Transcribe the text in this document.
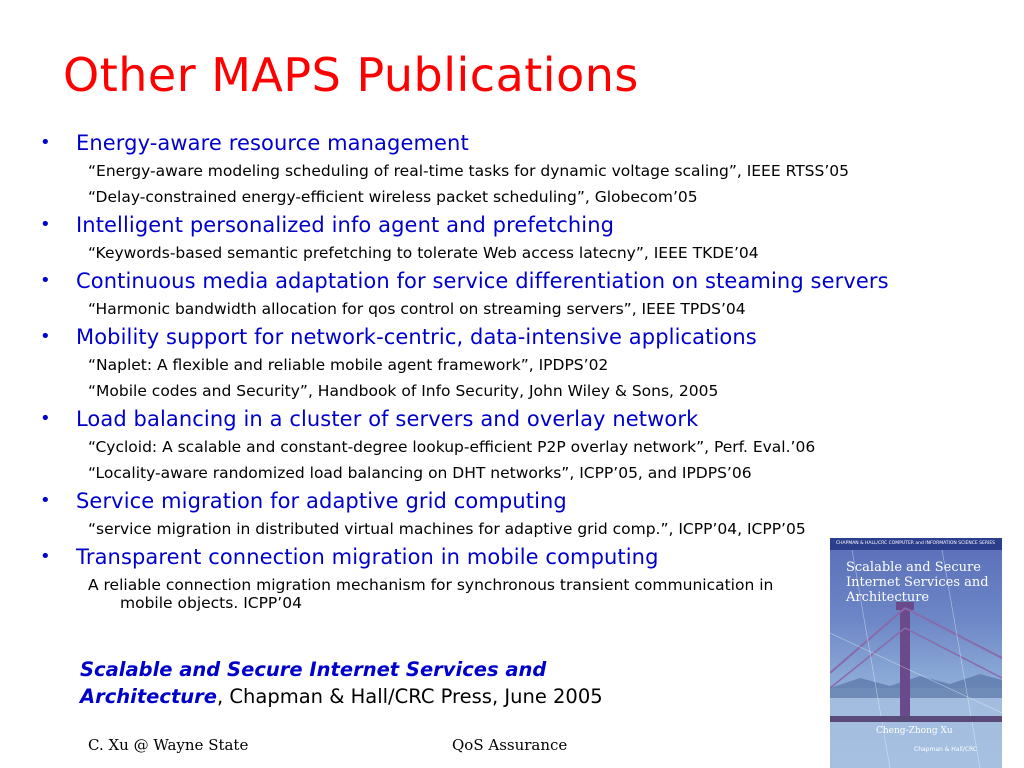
Other MAPS Publications
• Energy-aware resource management
“Energy-aware modeling scheduling of real-time tasks for dynamic voltage scaling”, IEEE RTSS’05
“Delay-constrained energy-efficient wireless packet scheduling”, Globecom’05
• Intelligent personalized info agent and prefetching
“Keywords-based semantic prefetching to tolerate Web access latecny”, IEEE TKDE’04
• Continuous media adaptation for service differentiation on steaming servers
“Harmonic bandwidth allocation for qos control on streaming servers”, IEEE TPDS’04
• Mobility support for network-centric, data-intensive applications
“Naplet: A flexible and reliable mobile agent framework”, IPDPS’02
“Mobile codes and Security”, Handbook of Info Security, John Wiley & Sons, 2005
• Load balancing in a cluster of servers and overlay network
“Cycloid: A scalable and constant-degree lookup-efficient P2P overlay network”, Perf. Eval.’06
“Locality-aware randomized load balancing on DHT networks”, ICPP’05, and IPDPS’06
• Service migration for adaptive grid computing
“service migration in distributed virtual machines for adaptive grid comp.”, ICPP’04, ICPP’05
• Transparent connection migration in mobile computing
A reliable connection migration mechanism for synchronous transient communication in
mobile objects. ICPP’04
Scalable and Secure Internet Services and
Architecture, Chapman & Hall/CRC Press, June 2005
CHAPMAN & HALL/CRC COMPUTER and INFORMATION SCIENCE SERIES
Scalable and Secure
Internet Services and
Architecture
Cheng-Zhong Xu
Chapman & Hall/CRC
C. Xu @ Wayne State	QoS Assurance
